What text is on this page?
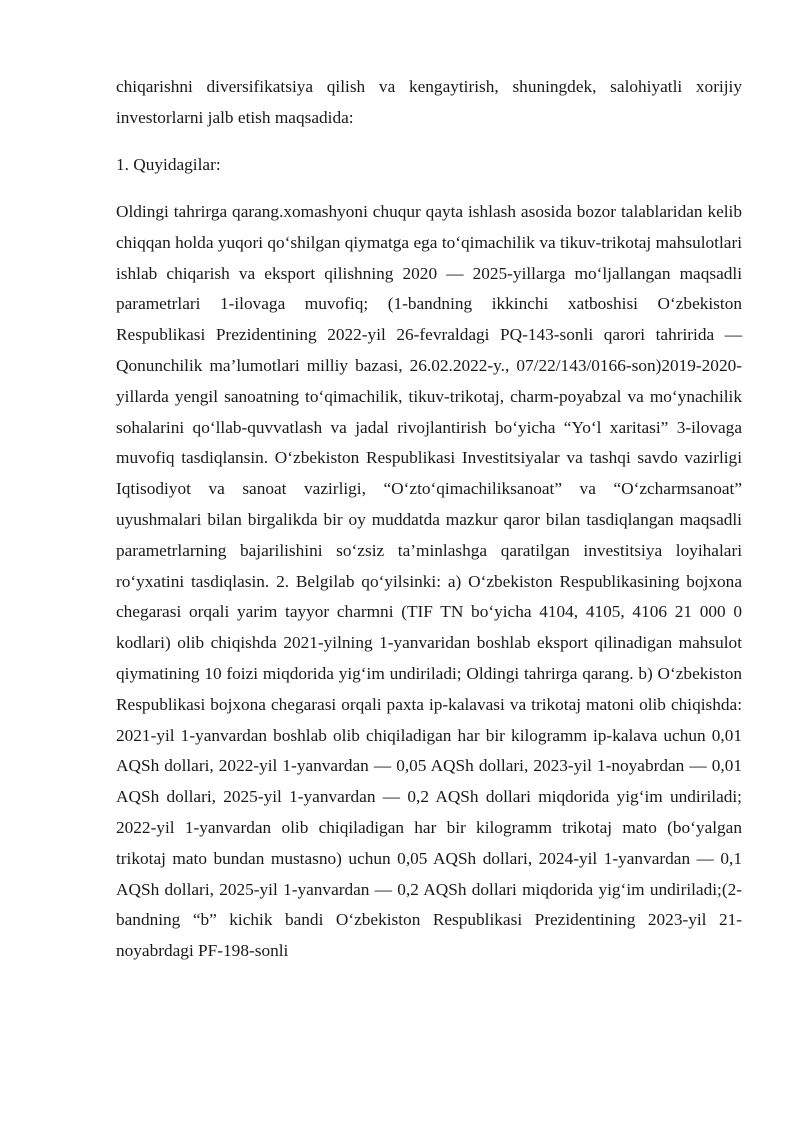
chiqarishni diversifikatsiya qilish va kengaytirish, shuningdek, salohiyatli xorijiy investorlarni jalb etish maqsadida:

1. Quyidagilar:

Oldingi tahrirga qarang.xomashyoni chuqur qayta ishlash asosida bozor talablaridan kelib chiqqan holda yuqori qo‘shilgan qiymatga ega to‘qimachilik va tikuv-trikotaj mahsulotlari ishlab chiqarish va eksport qilishning 2020 — 2025-yillarga mo‘ljallangan maqsadli parametrlari 1-ilovaga muvofiq; (1-bandning ikkinchi xatboshisi O‘zbekiston Respublikasi Prezidentining 2022-yil 26-fevraldagi PQ-143-sonli qarori tahririda — Qonunchilik ma’lumotlari milliy bazasi, 26.02.2022-y., 07/22/143/0166-son)2019-2020-yillarda yengil sanoatning to‘qimachilik, tikuv-trikotaj, charm-poyabzal va mo‘ynachilik sohalarini qo‘llab-quvvatlash va jadal rivojlantirish bo‘yicha “Yo‘l xaritasi” 3-ilovaga muvofiq tasdiqlansin. O‘zbekiston Respublikasi Investitsiyalar va tashqi savdo vazirligi Iqtisodiyot va sanoat vazirligi, “O‘zto‘qimachiliksanoat” va “O‘zcharmsanoat” uyushmalari bilan birgalikda bir oy muddatda mazkur qaror bilan tasdiqlangan maqsadli parametrlarning bajarilishini so‘zsiz ta’minlashga qaratilgan investitsiya loyihalari ro‘yxatini tasdiqlasin. 2. Belgilab qo‘yilsinki: a) O‘zbekiston Respublikasining bojxona chegarasi orqali yarim tayyor charmni (TIF TN bo‘yicha 4104, 4105, 4106 21 000 0 kodlari) olib chiqishda 2021-yilning 1-yanvaridan boshlab eksport qilinadigan mahsulot qiymatining 10 foizi miqdorida yig‘im undiriladi; Oldingi tahrirga qarang. b) O‘zbekiston Respublikasi bojxona chegarasi orqali paxta ip-kalavasi va trikotaj matoni olib chiqishda: 2021-yil 1-yanvardan boshlab olib chiqiladigan har bir kilogramm ip-kalava uchun 0,01 AQSh dollari, 2022-yil 1-yanvardan — 0,05 AQSh dollari, 2023-yil 1-noyabrdan — 0,01 AQSh dollari, 2025-yil 1-yanvardan — 0,2 AQSh dollari miqdorida yig‘im undiriladi; 2022-yil 1-yanvardan olib chiqiladigan har bir kilogramm trikotaj mato (bo‘yalgan trikotaj mato bundan mustasno) uchun 0,05 AQSh dollari, 2024-yil 1-yanvardan — 0,1 AQSh dollari, 2025-yil 1-yanvardan — 0,2 AQSh dollari miqdorida yig‘im undiriladi;(2-bandning “b” kichik bandi O‘zbekiston Respublikasi Prezidentining 2023-yil 21-noyabrdagi PF-198-sonli
